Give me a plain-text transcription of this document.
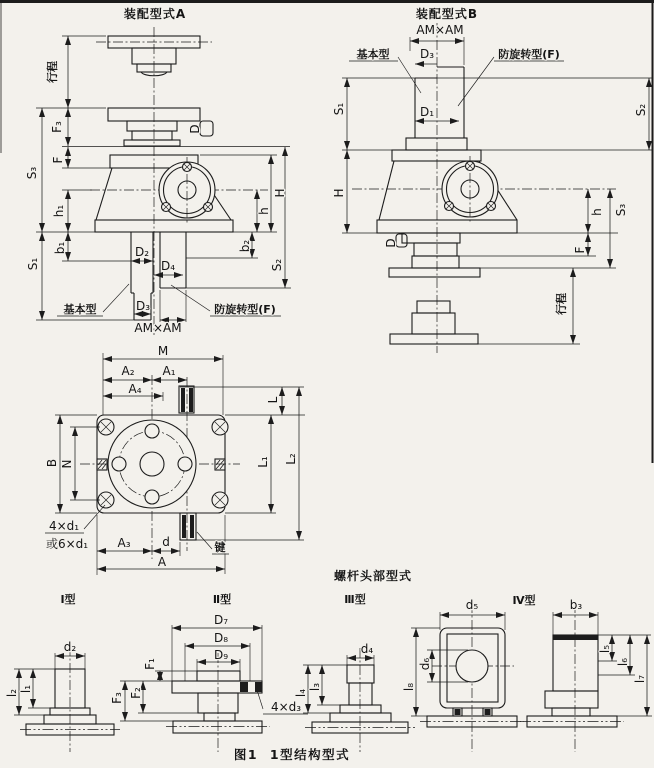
装配型式A
行程
F₃
F
S₃
h₁
b₁
S₁
D
H
h
b₂
S₂
D₂
D₄
D₃
AM×AM
基本型	防旋转型(F)
装配型式B
AM×AM
基本型	D₃	防旋转型(F)
S₁	D₁	S₂
H
h S₃
D
F
行程
M
A₂ A₁
A₄
L
L₁ L₂
B N
4×d₁
或6×d₁ A₃	d
A
键
螺杆头部型式
Ⅰ型
d₂
l₁
l₂
Ⅱ型
D₇
D₈
D₉
F₁
F₂
F₃
4×d₃
Ⅲ型
d₄
l₃
l₄
d₅
d₆
l₈
Ⅳ型	b₃
l₅
l₆
l₇
图1 1型结构型式
